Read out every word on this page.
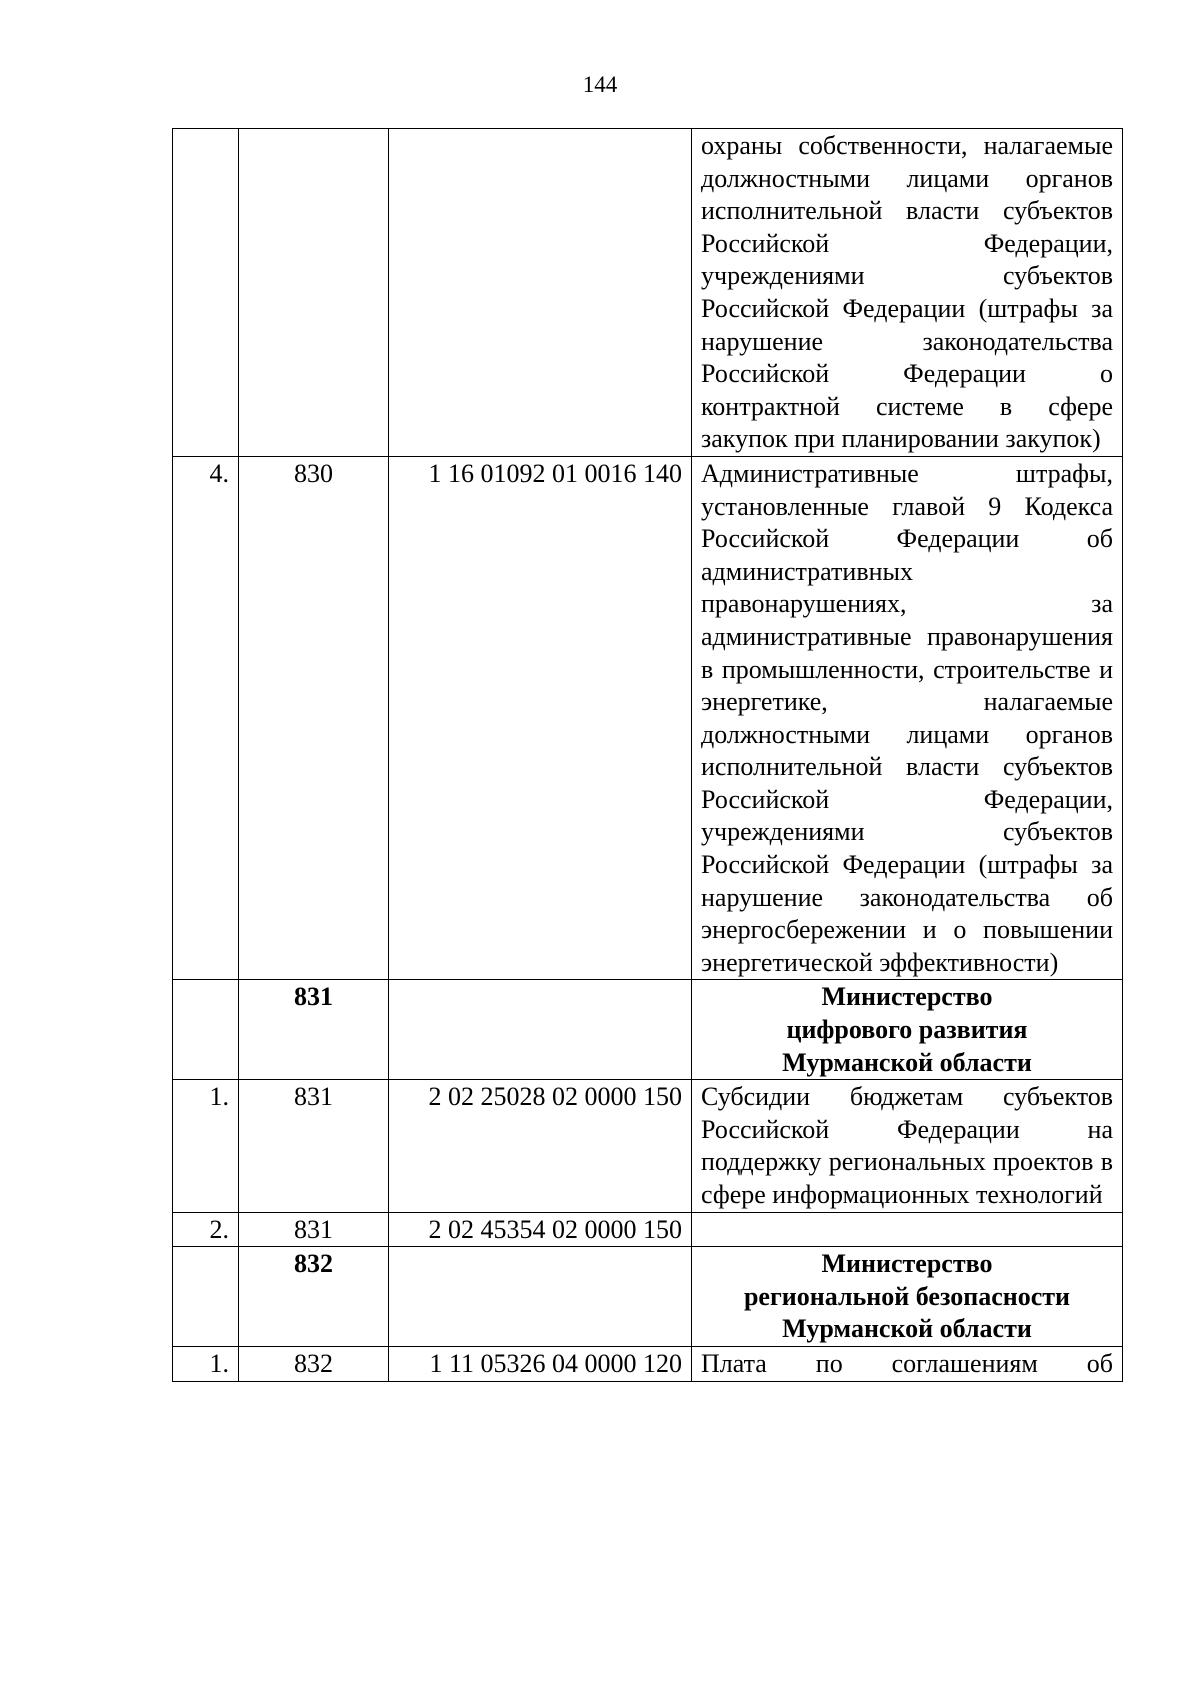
144
			охраны собственности, налагаемые должностными лицами органов исполнительной власти субъектов Российской Федерации, учреждениями субъектов Российской Федерации (штрафы за нарушение законодательства Российской Федерации о контрактной системе в сфере закупок при планировании закупок)
4.	830	1 16 01092 01 0016 140	Административные штрафы, установленные главой 9 Кодекса Российской Федерации об административных правонарушениях, за административные правонарушения в промышленности, строительстве и энергетике, налагаемые должностными лицами органов исполнительной власти субъектов Российской Федерации, учреждениями субъектов Российской Федерации (штрафы за нарушение законодательства об энергосбережении и о повышении энергетической эффективности)
	831		Министерство
цифрового развития
Мурманской области
1.	831	2 02 25028 02 0000 150	Субсидии бюджетам субъектов Российской Федерации на поддержку региональных проектов в сфере информационных технологий
2.	831	2 02 45354 02 0000 150	
	832		Министерство
региональной безопасности
Мурманской области
1.	832	1 11 05326 04 0000 120	Плата по соглашениям об
